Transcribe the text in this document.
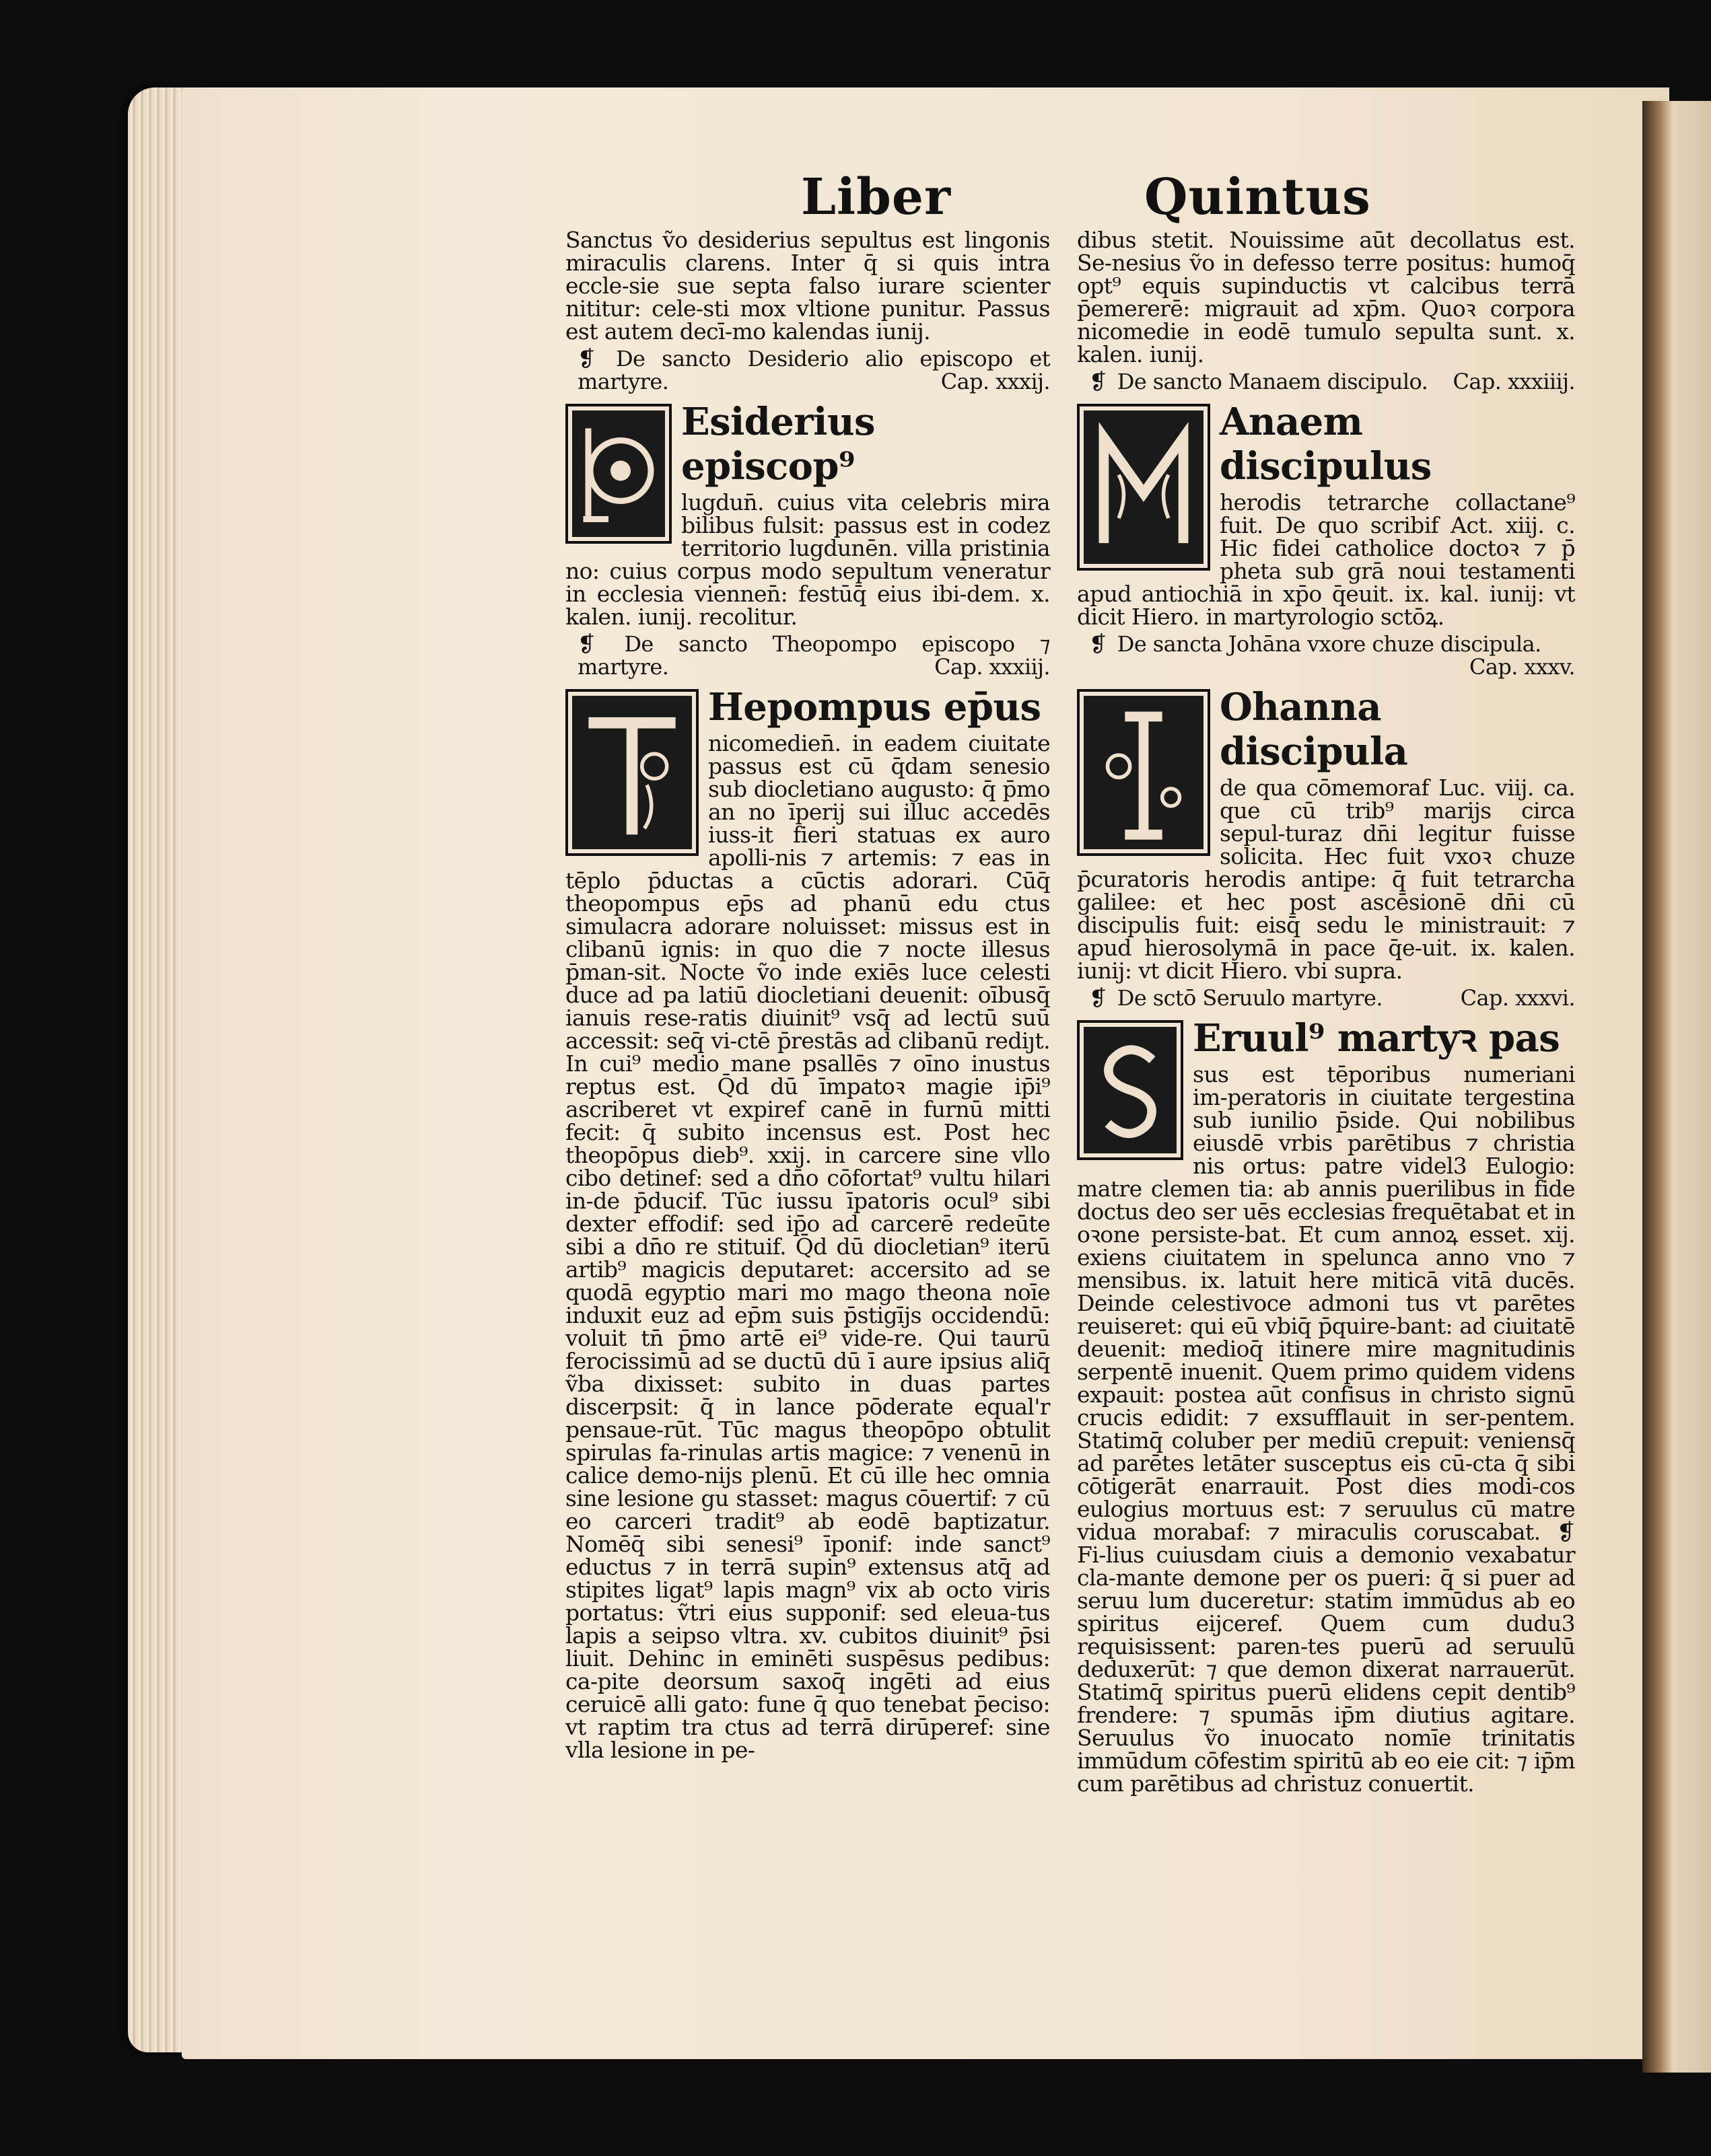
Liber	Quintus

Sanctus ṽo desiderius sepultus est lingonis miraculis clarens. Inter q̄ si quis intra eccle‑sie sue septa falso iurare scienter nititur: cele‑sti mox vltione punitur. Passus est autem decī‑mo kalendas iunij.

❡ De sancto Desiderio alio episcopo et martyre.	Cap. xxxij.
Esiderius episcop⁹

lugdun̄. cuius vita celebris mira bilibus fulsit: passus est in codez territorio lugdunēn. villa pristinia no: cuius corpus modo sepultum veneratur in ecclesia viennen̄: festūq̄ eius ibi‑dem. x. kalen. iunij. recolitur.

❡ De sancto Theopompo episcopo ⁊ martyre.	Cap. xxxiij.
Hepompus ep̄us

nicomedien̄. in eadem ciuitate passus est cū q̄dam senesio sub diocletiano augusto: q̄ p̄mo an no īperij sui illuc accedēs iuss‑it fieri statuas ex auro apolli‑nis ⁊ artemis: ⁊ eas in tēplo p̄ductas a cūctis adorari. Cūq̄ theopompus ep̄s ad phanū edu ctus simulacra adorare noluisset: missus est in clibanū ignis: in quo die ⁊ nocte illesus p̄man‑sit. Nocte ṽo inde exiēs luce celesti duce ad pa latiū diocletiani deuenit: oībusq̄ ianuis rese‑ratis diuinit⁹ vsq̄ ad lectū suū accessit: seq̄ vi‑ctē p̄restās ad clibanū rediȷt. In cui⁹ medio mane psallēs ⁊ oīno inustus reptus est. Q̄d dū īmpatoꝛ magie ip̄i⁹ ascriberet vt expiref canē in furnū mitti fecit: q̄ subito incensus est. Post hec theopōpus dieb⁹. xxij. in carcere sine vllo cibo detinef: sed a dn̄o cōfortat⁹ vultu hilari in‑de p̄ducif. Tūc iussu īpatoris ocul⁹ sibi dexter effodif: sed ip̄o ad carcerē redeūte sibi a dn̄o re stituif. Q̄d dū diocletian⁹ iterū artib⁹ magicis deputaret: accersito ad se quodā egyptio mari mo mago theona noīe induxit euz ad ep̄m suis p̄stigījs occidendū: voluit tn̄ p̄mo artē ei⁹ vide‑re. Qui taurū ferocissimū ad se ductū dū ī aure ipsius aliq̄ ṽba dixisset: subito in duas partes discerpsit: q̄ in lance pōderate equal'r pensaue‑rūt. Tūc magus theopōpo obtulit spirulas fa‑rinulas artis magice: ⁊ venenū in calice demo‑nijs plenū. Et cū ille hec omnia sine lesione gu stasset: magus cōuertif: ⁊ cū eo carceri tradit⁹ ab eodē baptizatur. Nomēq̄ sibi senesi⁹ īponif: inde sanct⁹ eductus ⁊ in terrā supin⁹ extensus atq̄ ad stipites ligat⁹ lapis magn⁹ vix ab octo viris portatus: ṽtri eius supponif: sed eleua‑tus lapis a seipso vltra. xv. cubitos diuinit⁹ p̄si liuit. Dehinc in eminēti suspēsus pedibus: ca‑pite deorsum saxoq̄ ingēti ad eius ceruicē alli gato: fune q̄ quo tenebat p̄eciso: vt raptim tra ctus ad terrā dirūperef: sine vlla lesione in pe‑

dibus stetit. Nouissime aūt decollatus est. Se‑nesius ṽo in defesso terre positus: humoq̄ opt⁹ equis supinductis vt calcibus terrā p̄emererē: migrauit ad xp̄m. Quoꝛ corpora nicomedie in eodē tumulo sepulta sunt. x. kalen. iunij.

❡ De sancto Manaem discipulo. Cap. xxxiiij.
Anaem discipulus

herodis tetrarche collactane⁹ fuit. De quo scribif Act. xiij. c. Hic fidei catholice doctoꝛ ⁊ p̄ pheta sub grā noui testamenti apud antiochiā in xp̄o q̄euit. ix. kal. iunij: vt dicit Hiero. in martyrologio sctōꝝ.

❡ De sancta Johāna vxore chuze discipula.
Cap. xxxv.
Ohanna discipula

de qua cōmemoraf Luc. viij. ca. que cū trib⁹ marijs circa sepul‑turaz dn̄i legitur fuisse solicita. Hec fuit vxoꝛ chuze p̄curatoris herodis antipe: q̄ fuit tetrarcha galilee: et hec post ascēsionē dn̄i cū discipulis fuit: eisq̄ sedu le ministrauit: ⁊ apud hierosolymā in pace q̄e‑uit. ix. kalen. iunij: vt dicit Hiero. vbi supra.

❡ De sctō Seruulo martyre.	Cap. xxxvi.
Eruul⁹ martyꝛ pas

sus est tēporibus numeriani im‑peratoris in ciuitate tergestina sub iunilio p̄side. Qui nobilibus eiusdē vrbis parētibus ⁊ christia nis ortus: patre videl3 Eulogio: matre clemen tia: ab annis puerilibus in fide doctus deo ser uēs ecclesias frequētabat et in oꝛone persiste‑bat. Et cum annoꝝ esset. xij. exiens ciuitatem in spelunca anno vno ⁊ mensibus. ix. latuit here miticā vitā ducēs. Deinde celestivoce admoni tus vt parētes reuiseret: qui eū vbiq̄ p̄quire‑bant: ad ciuitatē deuenit: medioq̄ itinere mire magnitudinis serpentē inuenit. Quem primo quidem videns expauit: postea aūt confisus in christo signū crucis edidit: ⁊ exsufflauit in ser‑pentem. Statimq̄ coluber per mediū crepuit: veniensq̄ ad parētes letāter susceptus eis cū‑cta q̄ sibi cōtigerāt enarrauit. Post dies modi‑cos eulogius mortuus est: ⁊ seruulus cū matre vidua morabaf: ⁊ miraculis coruscabat. ❡ Fi‑lius cuiusdam ciuis a demonio vexabatur cla‑mante demone per os pueri: q̄ si puer ad seruu lum duceretur: statim immūdus ab eo spiritus eijceref. Quem cum dudu3 requisissent: paren‑tes puerū ad seruulū deduxerūt: ⁊ que demon dixerat narrauerūt. Statimq̄ spiritus puerū elidens cepit dentib⁹ frendere: ⁊ spumās ip̄m diutius agitare. Seruulus ṽo inuocato nomīe trinitatis immūdum cōfestim spiritū ab eo eie cit: ⁊ ip̄m cum parētibus ad christuz conuertit.
